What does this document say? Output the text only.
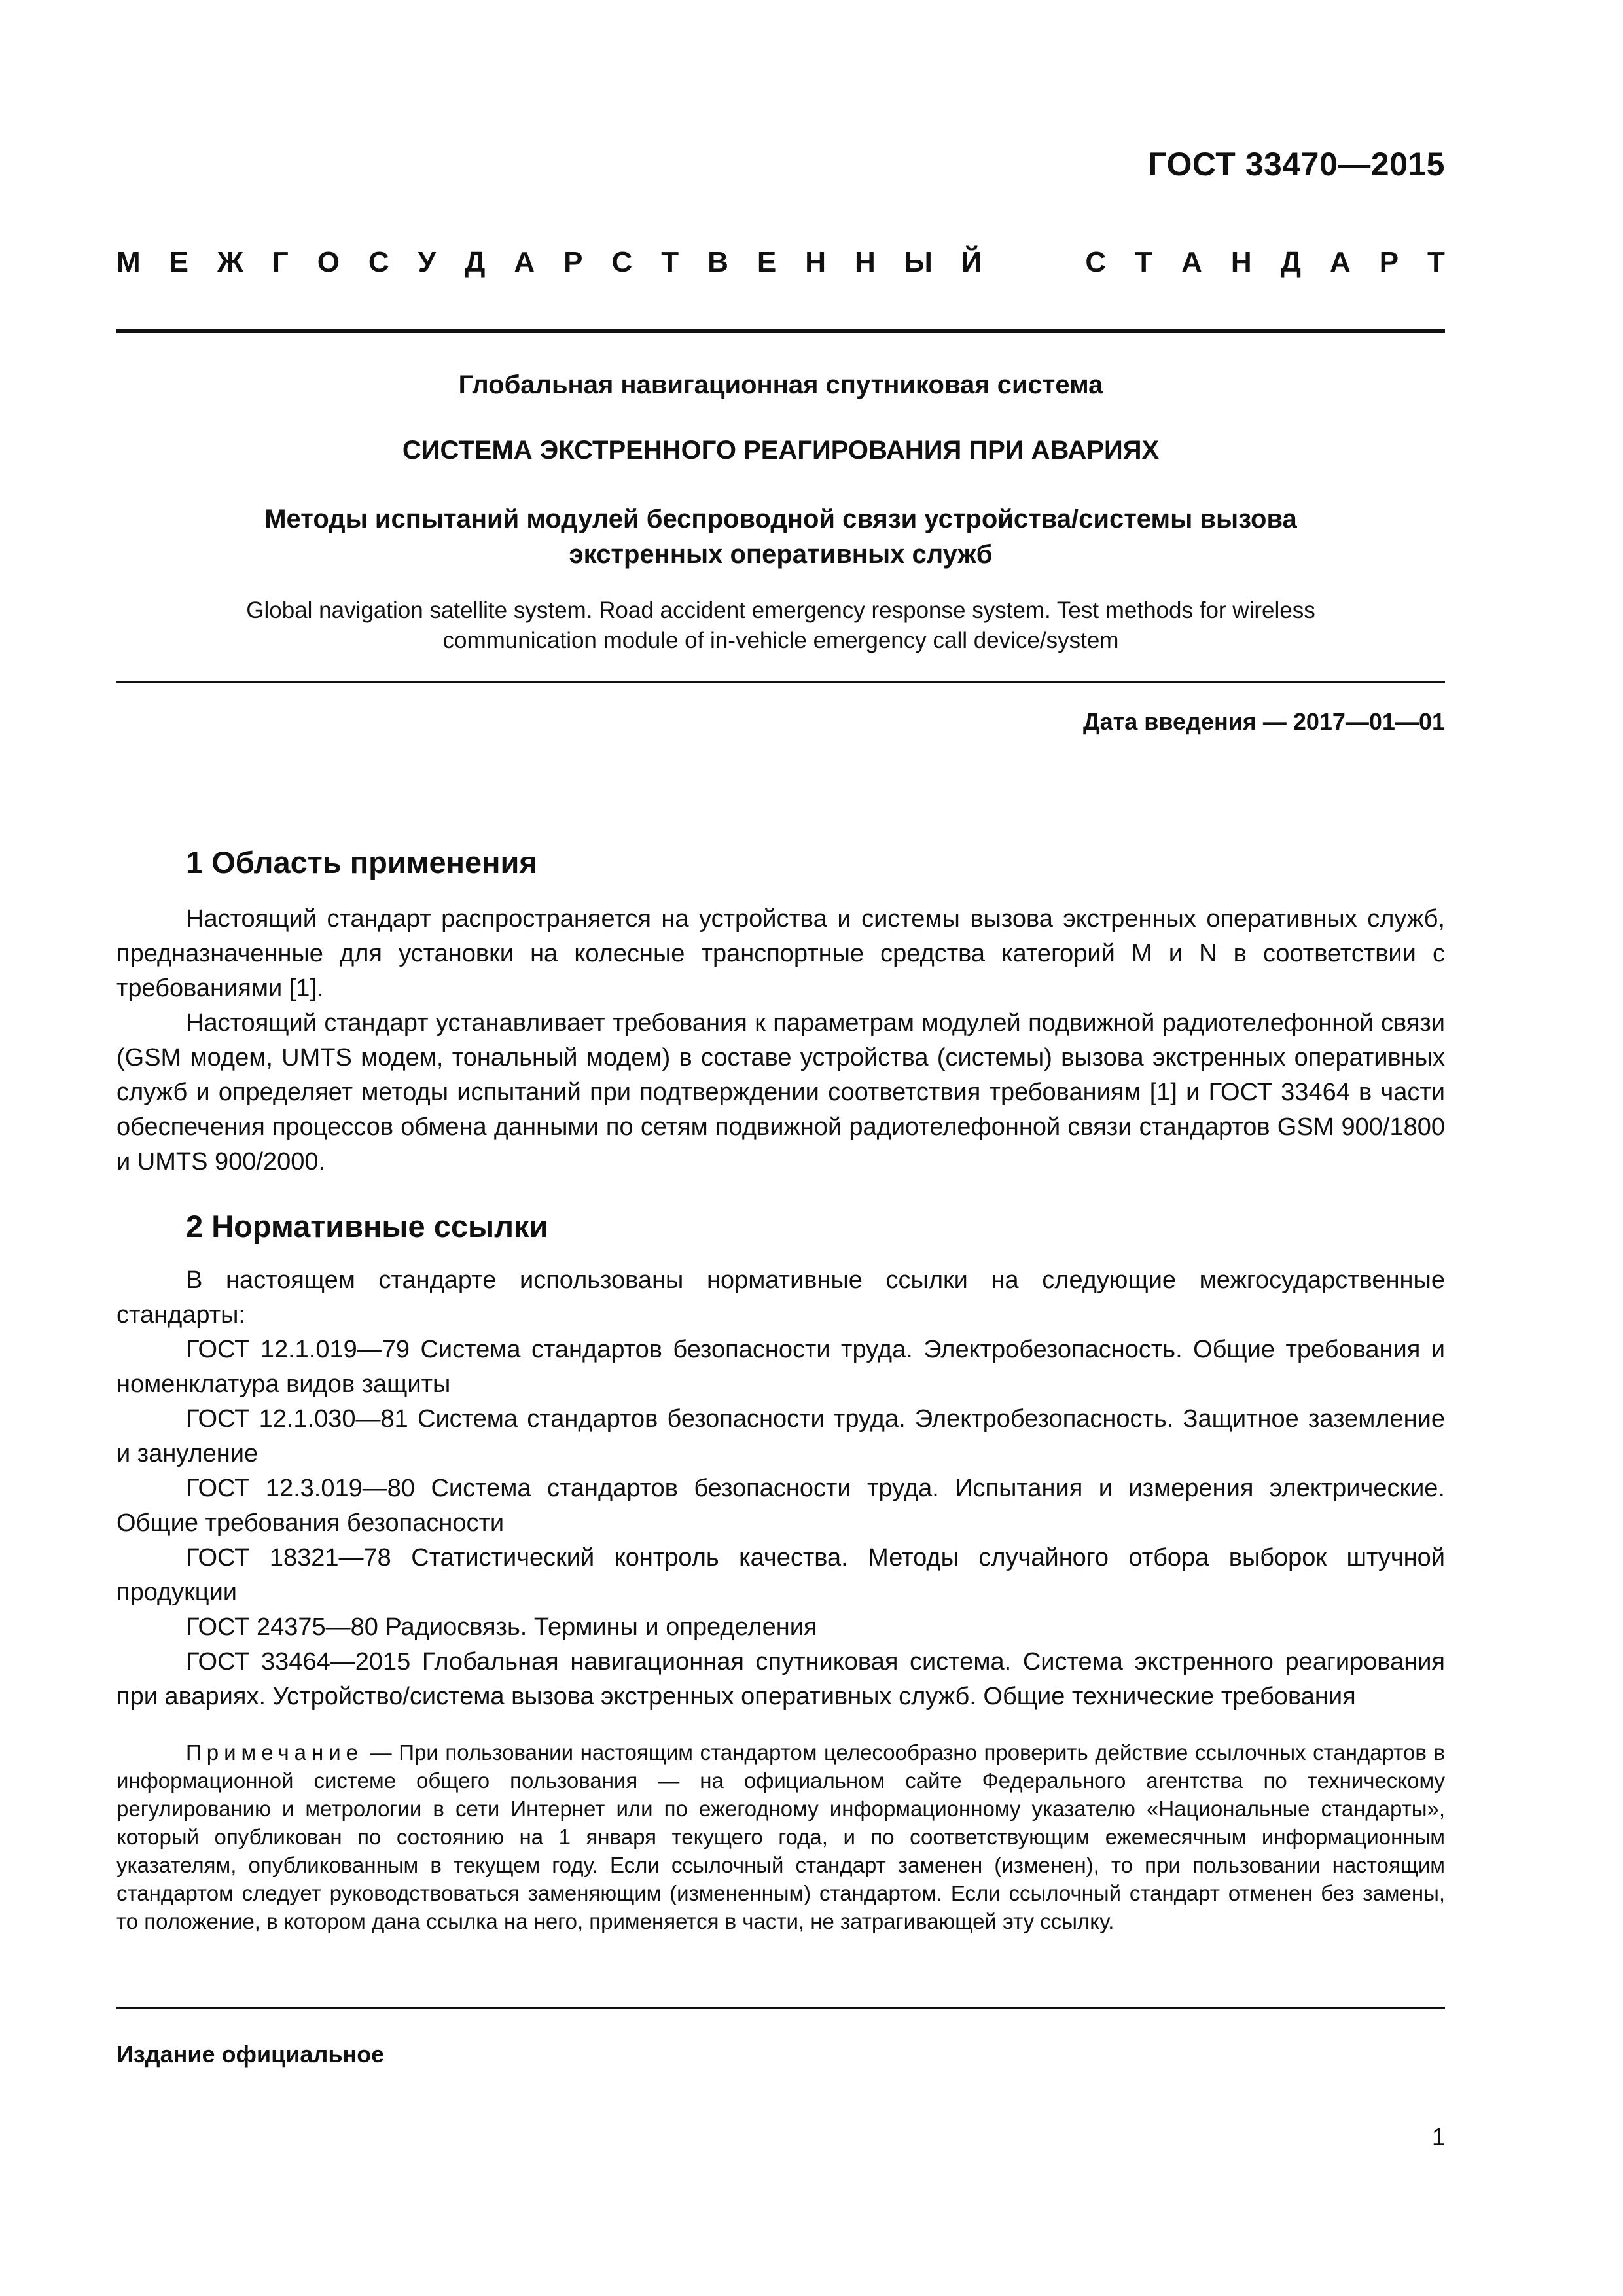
ГОСТ 33470—2015
М Е Ж Г О С У Д А Р С Т В Е Н Н Ы Й	С Т А Н Д А Р Т
Глобальная навигационная спутниковая система
СИСТЕМА ЭКСТРЕННОГО РЕАГИРОВАНИЯ ПРИ АВАРИЯХ
Методы испытаний модулей беспроводной связи устройства/системы вызова
экстренных оперативных служб
Global navigation satellite system. Road accident emergency response system. Test methods for wireless
communication module of in-vehicle emergency call device/system
Дата введения — 2017—01—01
1 Область применения

Настоящий стандарт распространяется на устройства и системы вызова экстренных оперативных служб, предназначенные для установки на колесные транспортные средства категорий М и N в соответствии с требованиями [1].

Настоящий стандарт устанавливает требования к параметрам модулей подвижной радиотелефонной связи (GSM модем, UMTS модем, тональный модем) в составе устройства (системы) вызова экстренных оперативных служб и определяет методы испытаний при подтверждении соответствия требованиям [1] и ГОСТ 33464 в части обеспечения процессов обмена данными по сетям подвижной радиотелефонной связи стандартов GSM 900/1800 и UMTS 900/2000.

2 Нормативные ссылки

В настоящем стандарте использованы нормативные ссылки на следующие межгосударственные стандарты:

ГОСТ 12.1.019—79 Система стандартов безопасности труда. Электробезопасность. Общие требования и номенклатура видов защиты

ГОСТ 12.1.030—81 Система стандартов безопасности труда. Электробезопасность. Защитное заземление и зануление

ГОСТ 12.3.019—80 Система стандартов безопасности труда. Испытания и измерения электрические. Общие требования безопасности

ГОСТ 18321—78 Статистический контроль качества. Методы случайного отбора выборок штучной продукции

ГОСТ 24375—80 Радиосвязь. Термины и определения

ГОСТ 33464—2015 Глобальная навигационная спутниковая система. Система экстренного реагирования при авариях. Устройство/система вызова экстренных оперативных служб. Общие технические требования

Примечание — При пользовании настоящим стандартом целесообразно проверить действие ссылочных стандартов в информационной системе общего пользования — на официальном сайте Федерального агентства по техническому регулированию и метрологии в сети Интернет или по ежегодному информационному указателю «Национальные стандарты», который опубликован по состоянию на 1 января текущего года, и по соответствующим ежемесячным информационным указателям, опубликованным в текущем году. Если ссылочный стандарт заменен (изменен), то при пользовании настоящим стандартом следует руководствоваться заменяющим (измененным) стандартом. Если ссылочный стандарт отменен без замены, то положение, в котором дана ссылка на него, применяется в части, не затрагивающей эту ссылку.

Издание официальное
1
